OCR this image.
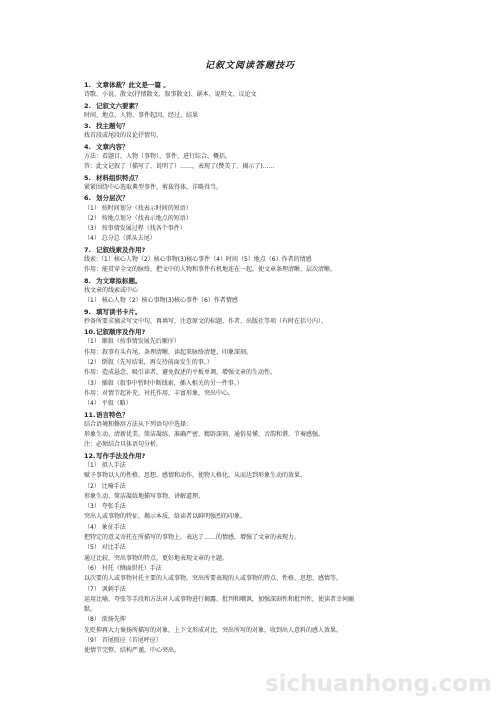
记叙文阅读答题技巧
1. 文章体裁？此文是一篇 。
诗歌、小说、散文(抒情散文、叙事散文)、剧本、说明文、议论文
2. 记叙文六要素？
时间、地点、人物、事件起因、经过、结果
3. 找主题句？
找首段或尾段的议论抒情句。
4. 文章内容？
方法：看题目，人物（事物）、事件，进行综合、概括。
答：此文记叙了（描写了、说明了）……，表现了(赞美了、揭示了)……
5. 材料组织特点？
紧紧围绕中心选取典型事件，剪裁得体，详略得当。
6. 划分层次？
（1） 按时间划分（找表示时间的短语）
（2） 按地点划分（找表示地点的短语）
（3） 按事情发展过程（找各个事件）
（4） 总分总（抓头去尾）
7. 记叙线索及作用?
线索:（1）核心人物（2）核心事物(3)核心事件（4）时间（5）地点（6）作者的情感
作用：能贯穿全文的脉络，把文中的人物和事件有机地连在一起，使文章条理清晰、层次清晰。
8. 为文章拟标题。
找文章的线索或中心
（1） 核心人物（2）核心事物(3)核心事件（6）作者情感
9. 填写读书卡片。
抄备所要求摘录写文中句，再填写，注意原文的标题、作者、出版社等项（有时在括号内）。
10.记叙顺序及作用?
（1） 顺叙（按事情发展先后顺序）
作用：叙事有头有尾、条理清晰，读起来脉络清楚、印象深刻。
（2） 倒叙（先写结果，再交待前面发生的事。）
作用：造成悬念、吸引读者，避免叙述的平板单调，增强文章的生动性。
（3） 插叙（叙事中暂时中断线索，插入相关的另一件事。）
作用：对情节起补充、衬托作用，丰富形象，突出中心。
（4） 平叙（略）
11.语言特色？
结合语境和修辞方法从下列语句中选择：
形象生动、清新优美、简洁凝练、准确严密、精辟深刻、通俗易懂、音韵和谐、节奏感强。
注：必须结合具体语句分析。
12.写作手法及作用?
（1） 拟人手法
赋予事物以人的性格、思想、感情和动作，使物人格化，从而达到形象生动的效果。
（2） 比喻手法
形象生动、简洁凝练地描写事物、讲解道理。
（3） 夸张手法
突出人或事物的特征，揭示本质，给读者以鲜明强烈的印象。
（4） 象征手法
把特定的意义寄托在所描写的事物上，表达了……的情感，增强了文章的表现力。
（5） 对比手法
通过比较，突出事物的特点，更好地表现文章的主题。
（6） 衬托（侧面烘托）手法
以次要的人或事物衬托主要的人或事物，突出所要表现的人或事物的特点、性格、思想、感情等。
（7） 讽刺手法
运用比喻、夸张等手段和方法对人或事物进行揭露、批判和嘲讽，加强深刻性和批判性，使读者幸何幽
默。
（8） 欲扬先抑
先贬抑再大力褒扬所描写的对象，上下文形成对比，突出所写的对象，收到出人意料的感人效果。
（9） 首尾照应（首尾呼应）
使情节完整、结构严谨，中心突出。
sichuanhong.com
